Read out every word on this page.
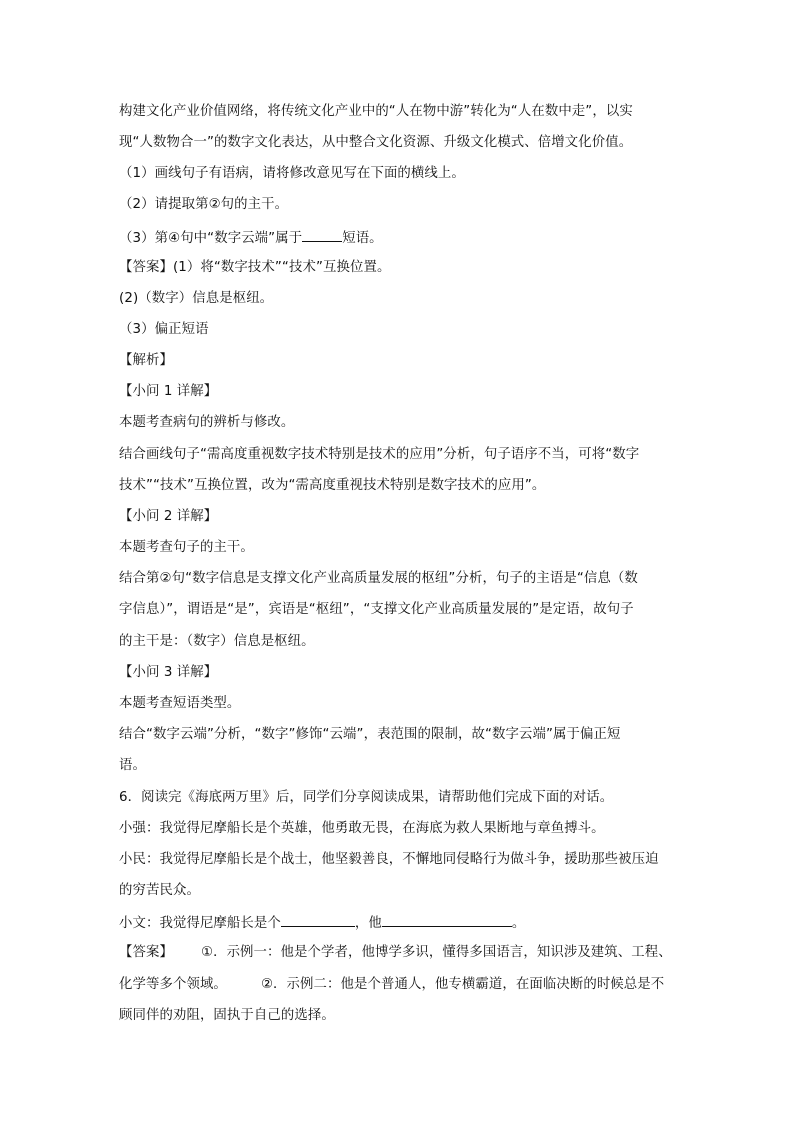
构建文化产业价值网络，将传统文化产业中的“人在物中游”转化为“人在数中走”，以实
现“人数物合一”的数字文化表达，从中整合文化资源、升级文化模式、倍增文化价值。
（1）画线句子有语病，请将修改意见写在下面的横线上。
（2）请提取第②句的主干。
（3）第④句中“数字云端”属于	短语。
【答案】(1）将“数字技术”“技术”互换位置。
(2)（数字）信息是枢纽。
（3）偏正短语
【解析】
【小问 1 详解】
本题考查病句的辨析与修改。
结合画线句子“需高度重视数字技术特别是技术的应用”分析，句子语序不当，可将“数字
技术”“技术”互换位置，改为“需高度重视技术特别是数字技术的应用”。
【小问 2 详解】
本题考查句子的主干。
结合第②句“数字信息是支撑文化产业高质量发展的枢纽”分析，句子的主语是“信息（数
字信息）”，谓语是“是”，宾语是“枢纽”，“支撑文化产业高质量发展的”是定语，故句子
的主干是：（数字）信息是枢纽。
【小问 3 详解】
本题考查短语类型。
结合“数字云端”分析，“数字”修饰“云端”，表范围的限制，故“数字云端”属于偏正短
语。
6．阅读完《海底两万里》后，同学们分享阅读成果，请帮助他们完成下面的对话。
小强：我觉得尼摩船长是个英雄，他勇敢无畏，在海底为救人果断地与章鱼搏斗。
小民：我觉得尼摩船长是个战士，他坚毅善良，不懈地同侵略行为做斗争，援助那些被压迫
的穷苦民众。
小文：我觉得尼摩船长是个	，他	。
【答案】 ①．示例一：他是个学者，他博学多识，懂得多国语言，知识涉及建筑、工程、
化学等多个领域。	②．示例二：他是个普通人，他专横霸道，在面临决断的时候总是不
顾同伴的劝阻，固执于自己的选择。
